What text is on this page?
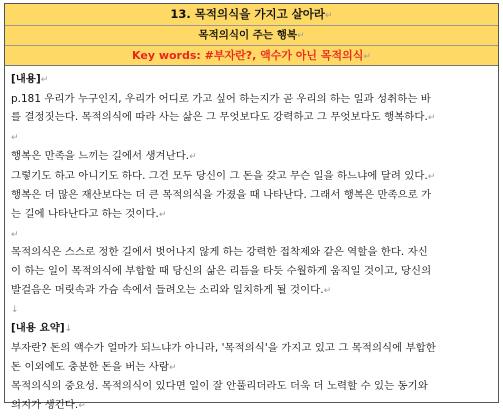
13. 목적의식을 가지고 살아라↵
목적의식이 주는 행복↵
Key words: #부자란?, 액수가 아닌 목적의식↵
[내용]↵
p.181 우리가 누구인지, 우리가 어디로 가고 싶어 하는지가 곧 우리의 하는 일과 성취하는 바
를 결정짓는다. 목적의식에 따라 사는 삶은 그 무엇보다도 강력하고 그 무엇보다도 행복하다.↵
↵
행복은 만족을 느끼는 길에서 생겨난다.↵
그렇기도 하고 아니기도 하다. 그건 모두 당신이 그 돈을 갖고 무슨 일을 하느냐에 달려 있다.↵
행복은 더 많은 재산보다는 더 큰 목적의식을 가졌을 때 나타난다. 그래서 행복은 만족으로 가
는 길에 나타난다고 하는 것이다.↵
↵
목적의식은 스스로 정한 길에서 벗어나지 않게 하는 강력한 접착제와 같은 역할을 한다. 자신
이 하는 일이 목적의식에 부합할 때 당신의 삶은 리듬을 타듯 수월하게 움직일 것이고, 당신의
발걸음은 머릿속과 가슴 속에서 들려오는 소리와 일치하게 될 것이다.↵
↓
[내용 요약]↓
부자란? 돈의 액수가 얼마가 되느냐가 아니라, '목적의식'을 가지고 있고 그 목적의식에 부합한
돈 이외에도 충분한 돈을 버는 사람↵
목적의식의 중요성. 목적의식이 있다면 일이 잘 안풀리더라도 더욱 더 노력할 수 있는 동기와
의지가 생긴다.↵
